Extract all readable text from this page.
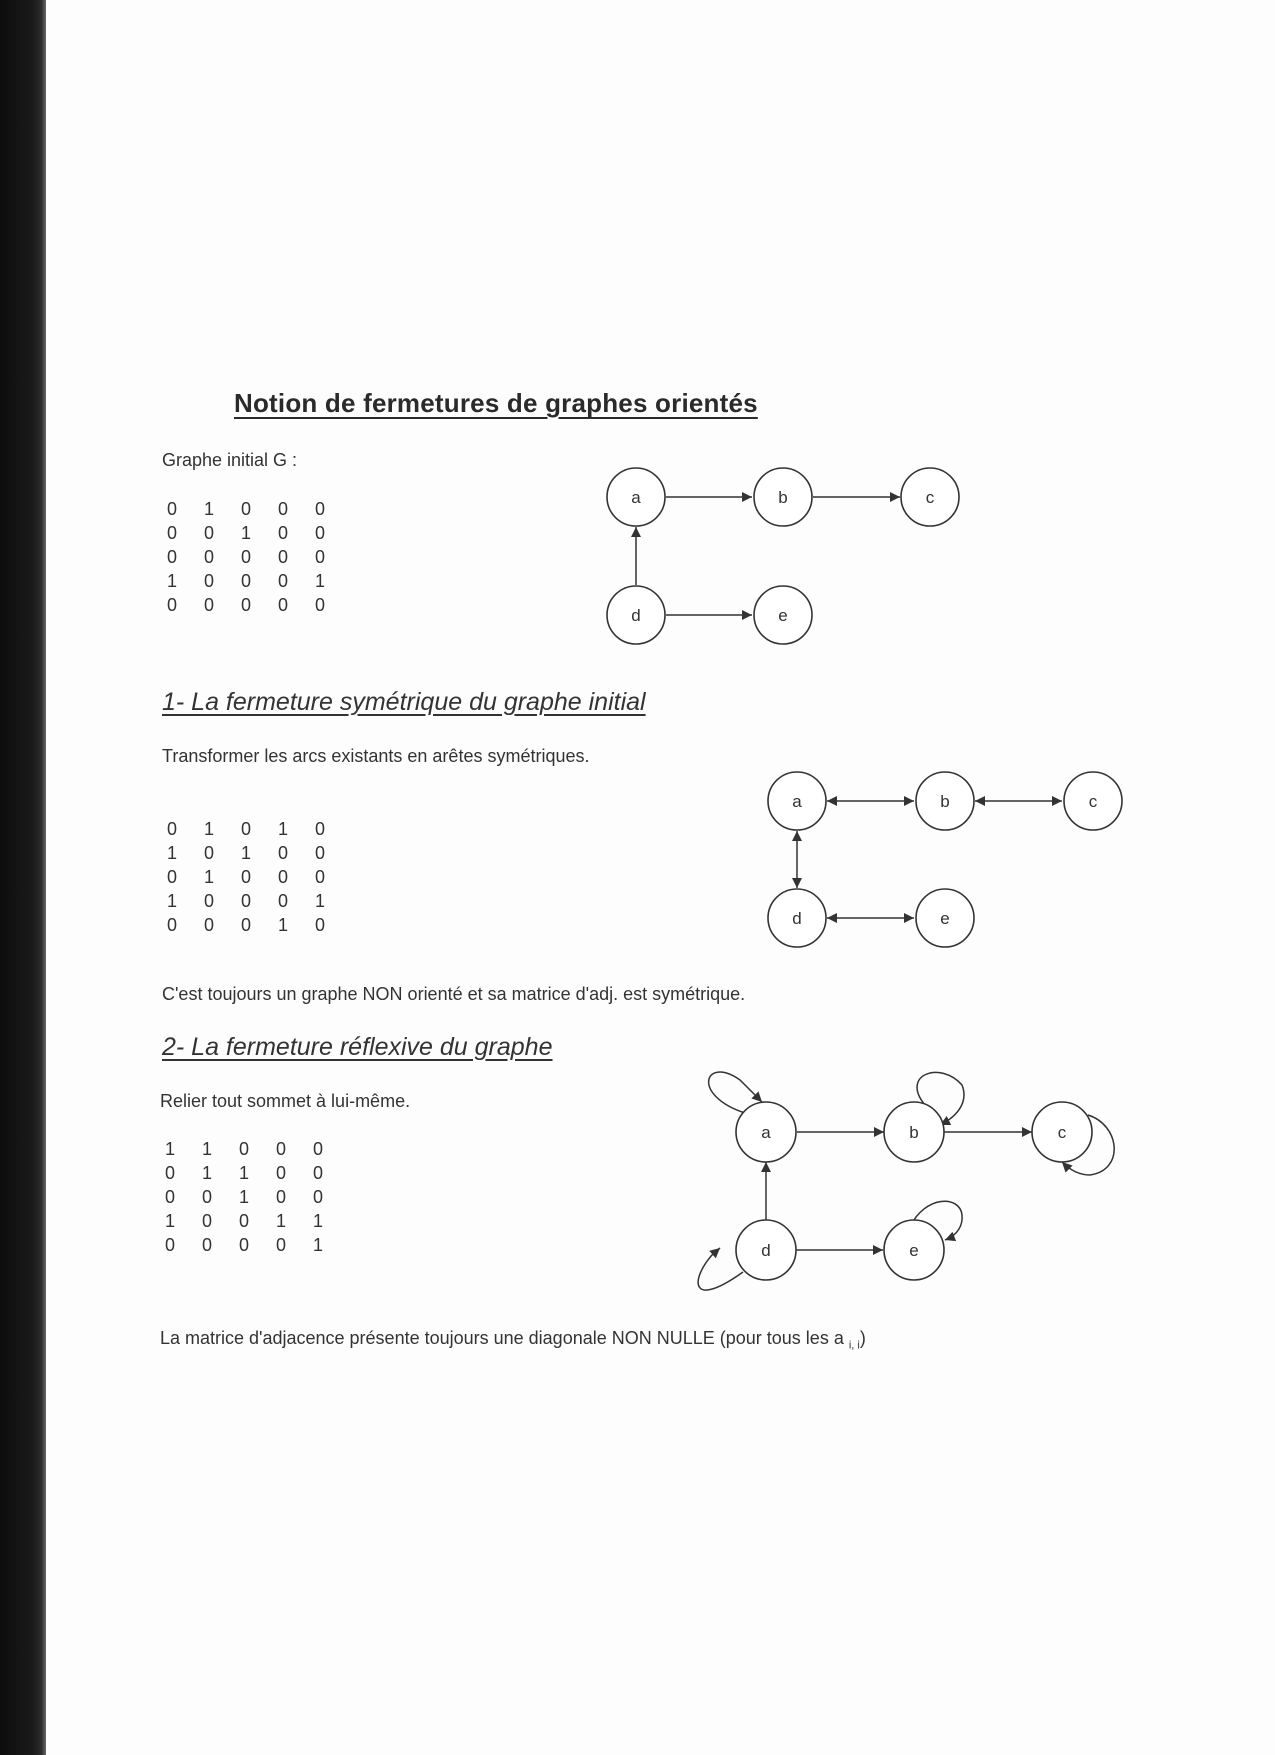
Notion de fermetures de graphes orientés
Graphe initial G :
0	1	0	0	0
0	0	1	0	0
0	0	0	0	0
1	0	0	0	1
0	0	0	0	0
a	b	c
d	e
1- La fermeture symétrique du graphe initial
Transformer les arcs existants en arêtes symétriques.
0	1	0	1	0
1	0	1	0	0
0	1	0	0	0
1	0	0	0	1
0	0	0	1	0
a	b	c
d	e
C'est toujours un graphe NON orienté et sa matrice d'adj. est symétrique.
2- La fermeture réflexive du graphe
Relier tout sommet à lui-même.
1	1	0	0	0
0	1	1	0	0
0	0	1	0	0
1	0	0	1	1
0	0	0	0	1
a	b	c
d	e
La matrice d'adjacence présente toujours une diagonale NON NULLE (pour tous les a $_{i, i}$)
